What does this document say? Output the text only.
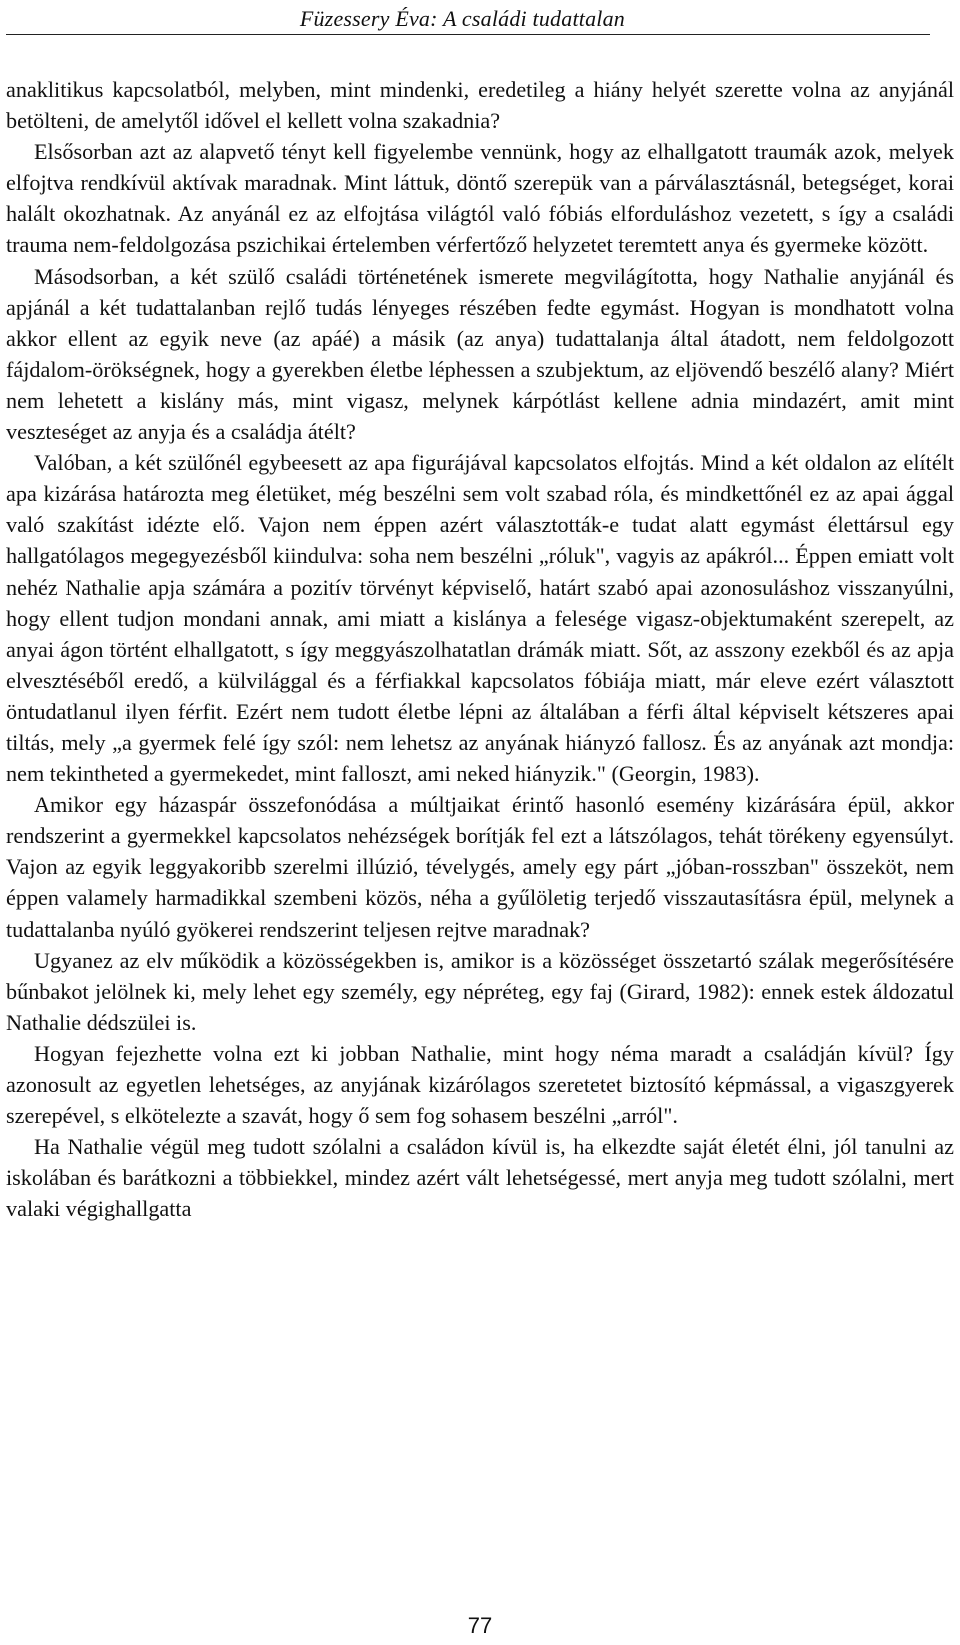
Füzessery Éva: A családi tudattalan

anaklitikus kapcsolatból, melyben, mint mindenki, eredetileg a hiány helyét szerette volna az anyjánál betölteni, de amelytől idővel el kellett volna szakadnia?

Elsősorban azt az alapvető tényt kell figyelembe vennünk, hogy az elhallgatott traumák azok, melyek elfojtva rendkívül aktívak maradnak. Mint láttuk, döntő szerepük van a párválasztásnál, betegséget, korai halált okozhatnak. Az anyánál ez az elfojtása világtól való fóbiás elforduláshoz vezetett, s így a családi trauma nem-feldolgozása pszichikai értelemben vérfertőző helyzetet teremtett anya és gyermeke között.

Másodsorban, a két szülő családi történetének ismerete megvilágította, hogy Nathalie anyjánál és apjánál a két tudattalanban rejlő tudás lényeges részében fedte egymást. Hogyan is mondhatott volna akkor ellent az egyik neve (az apáé) a másik (az anya) tudattalanja által átadott, nem feldolgozott fájdalom-örökségnek, hogy a gyerekben életbe léphessen a szubjektum, az eljövendő beszélő alany? Miért nem lehetett a kislány más, mint vigasz, melynek kárpótlást kellene adnia mindazért, amit mint veszteséget az anyja és a családja átélt?

Valóban, a két szülőnél egybeesett az apa figurájával kapcsolatos elfojtás. Mind a két oldalon az elítélt apa kizárása határozta meg életüket, még beszélni sem volt szabad róla, és mindkettőnél ez az apai ággal való szakítást idézte elő. Vajon nem éppen azért választották-e tudat alatt egymást élettársul egy hallgatólagos megegyezésből kiindulva: soha nem beszélni „róluk", vagyis az apákról... Éppen emiatt volt nehéz Nathalie apja számára a pozitív törvényt képviselő, határt szabó apai azonosuláshoz visszanyúlni, hogy ellent tudjon mondani annak, ami miatt a kislánya a felesége vigasz-objektumaként szerepelt, az anyai ágon történt elhallgatott, s így meggyászolhatatlan drámák miatt. Sőt, az asszony ezekből és az apja elvesztéséből eredő, a külvilággal és a férfiakkal kapcsolatos fóbiája miatt, már eleve ezért választott öntudatlanul ilyen férfit. Ezért nem tudott életbe lépni az általában a férfi által képviselt kétszeres apai tiltás, mely „a gyermek felé így szól: nem lehetsz az anyának hiányzó fallosz. És az anyának azt mondja: nem tekintheted a gyermekedet, mint falloszt, ami neked hiányzik." (Georgin, 1983).

Amikor egy házaspár összefonódása a múltjaikat érintő hasonló esemény kizárására épül, akkor rendszerint a gyermekkel kapcsolatos nehézségek borítják fel ezt a látszólagos, tehát törékeny egyensúlyt. Vajon az egyik leggyakoribb szerelmi illúzió, tévelygés, amely egy párt „jóban-rosszban" összeköt, nem éppen valamely harmadikkal szembeni közös, néha a gyűlöletig terjedő visszautasításra épül, melynek a tudattalanba nyúló gyökerei rendszerint teljesen rejtve maradnak?

Ugyanez az elv működik a közösségekben is, amikor is a közösséget összetartó szálak megerősítésére bűnbakot jelölnek ki, mely lehet egy személy, egy népréteg, egy faj (Girard, 1982): ennek estek áldozatul Nathalie dédszülei is.

Hogyan fejezhette volna ezt ki jobban Nathalie, mint hogy néma maradt a családján kívül? Így azonosult az egyetlen lehetséges, az anyjának kizárólagos szeretetet biztosító képmással, a vigaszgyerek szerepével, s elkötelezte a szavát, hogy ő sem fog sohasem beszélni „arról".

Ha Nathalie végül meg tudott szólalni a családon kívül is, ha elkezdte saját életét élni, jól tanulni az iskolában és barátkozni a többiekkel, mindez azért vált lehetségessé, mert anyja meg tudott szólalni, mert valaki végighallgatta

77
